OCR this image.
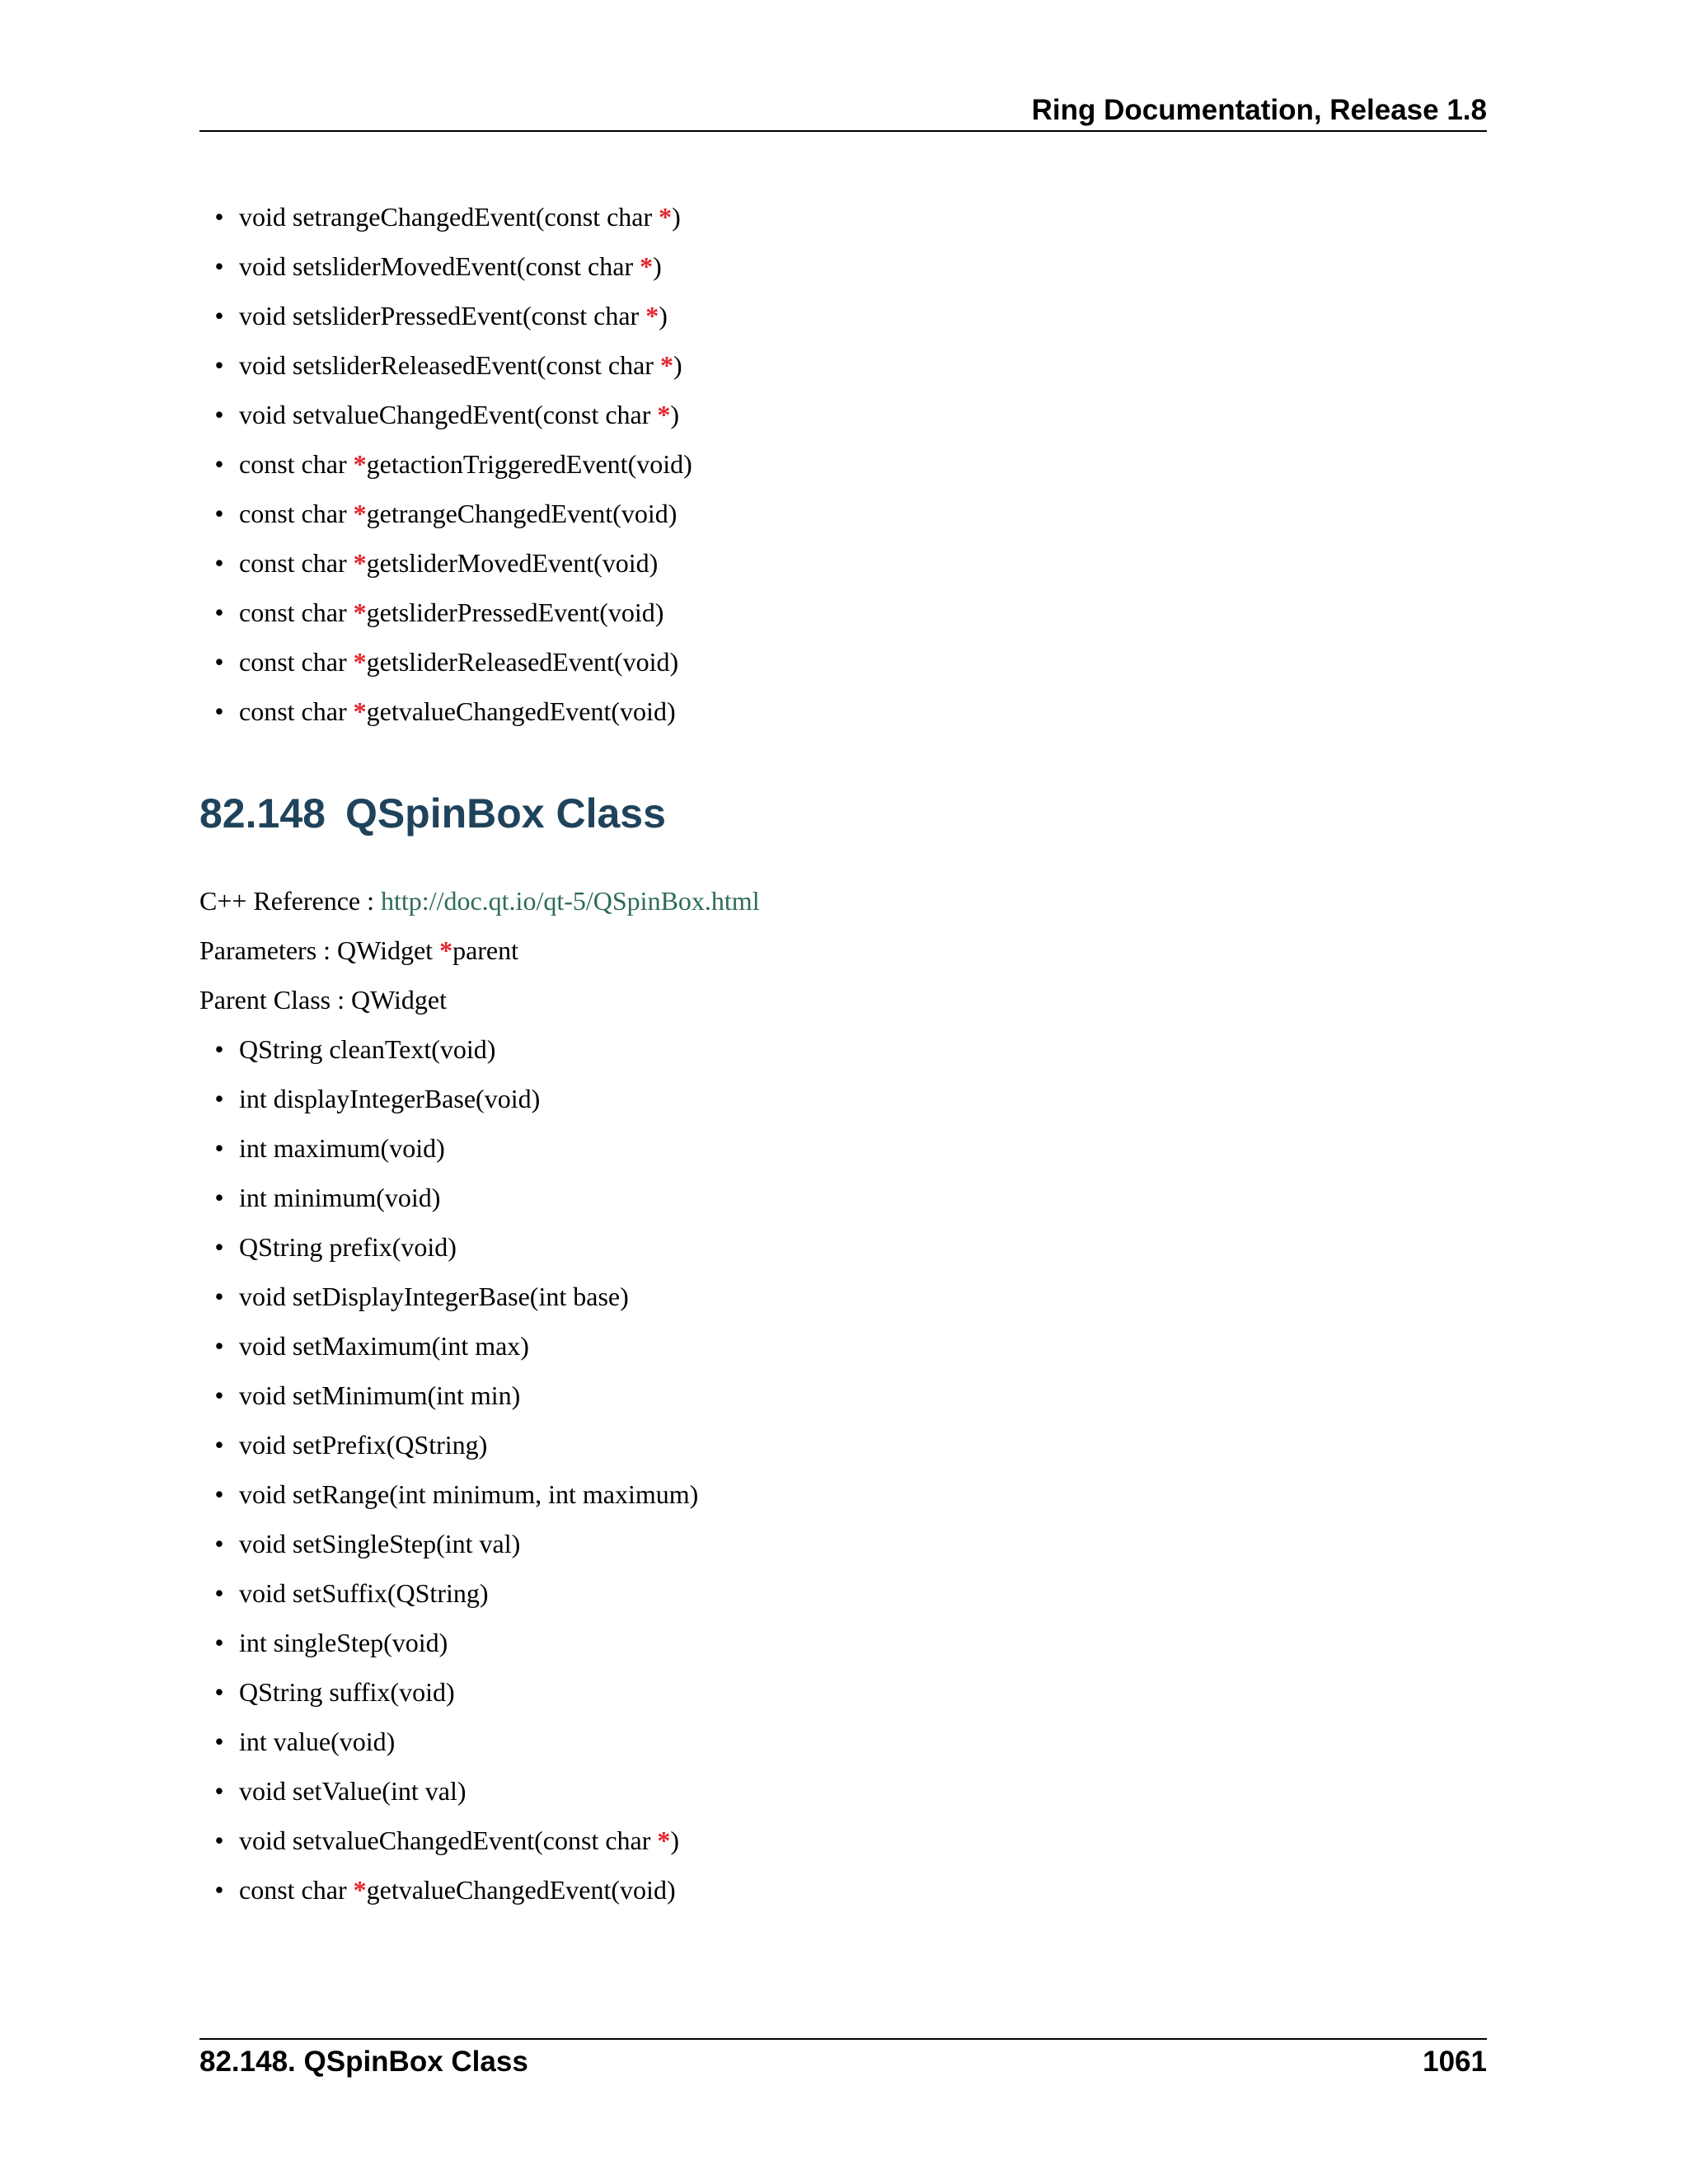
Ring Documentation, Release 1.8
• void setrangeChangedEvent(const char *)
• void setsliderMovedEvent(const char *)
• void setsliderPressedEvent(const char *)
• void setsliderReleasedEvent(const char *)
• void setvalueChangedEvent(const char *)
• const char *getactionTriggeredEvent(void)
• const char *getrangeChangedEvent(void)
• const char *getsliderMovedEvent(void)
• const char *getsliderPressedEvent(void)
• const char *getsliderReleasedEvent(void)
• const char *getvalueChangedEvent(void)
82.148 QSpinBox Class
C++ Reference : http://doc.qt.io/qt-5/QSpinBox.html
Parameters : QWidget *parent
Parent Class : QWidget
• QString cleanText(void)
• int displayIntegerBase(void)
• int maximum(void)
• int minimum(void)
• QString prefix(void)
• void setDisplayIntegerBase(int base)
• void setMaximum(int max)
• void setMinimum(int min)
• void setPrefix(QString)
• void setRange(int minimum, int maximum)
• void setSingleStep(int val)
• void setSuffix(QString)
• int singleStep(void)
• QString suffix(void)
• int value(void)
• void setValue(int val)
• void setvalueChangedEvent(const char *)
• const char *getvalueChangedEvent(void)
82.148. QSpinBox Class	1061
